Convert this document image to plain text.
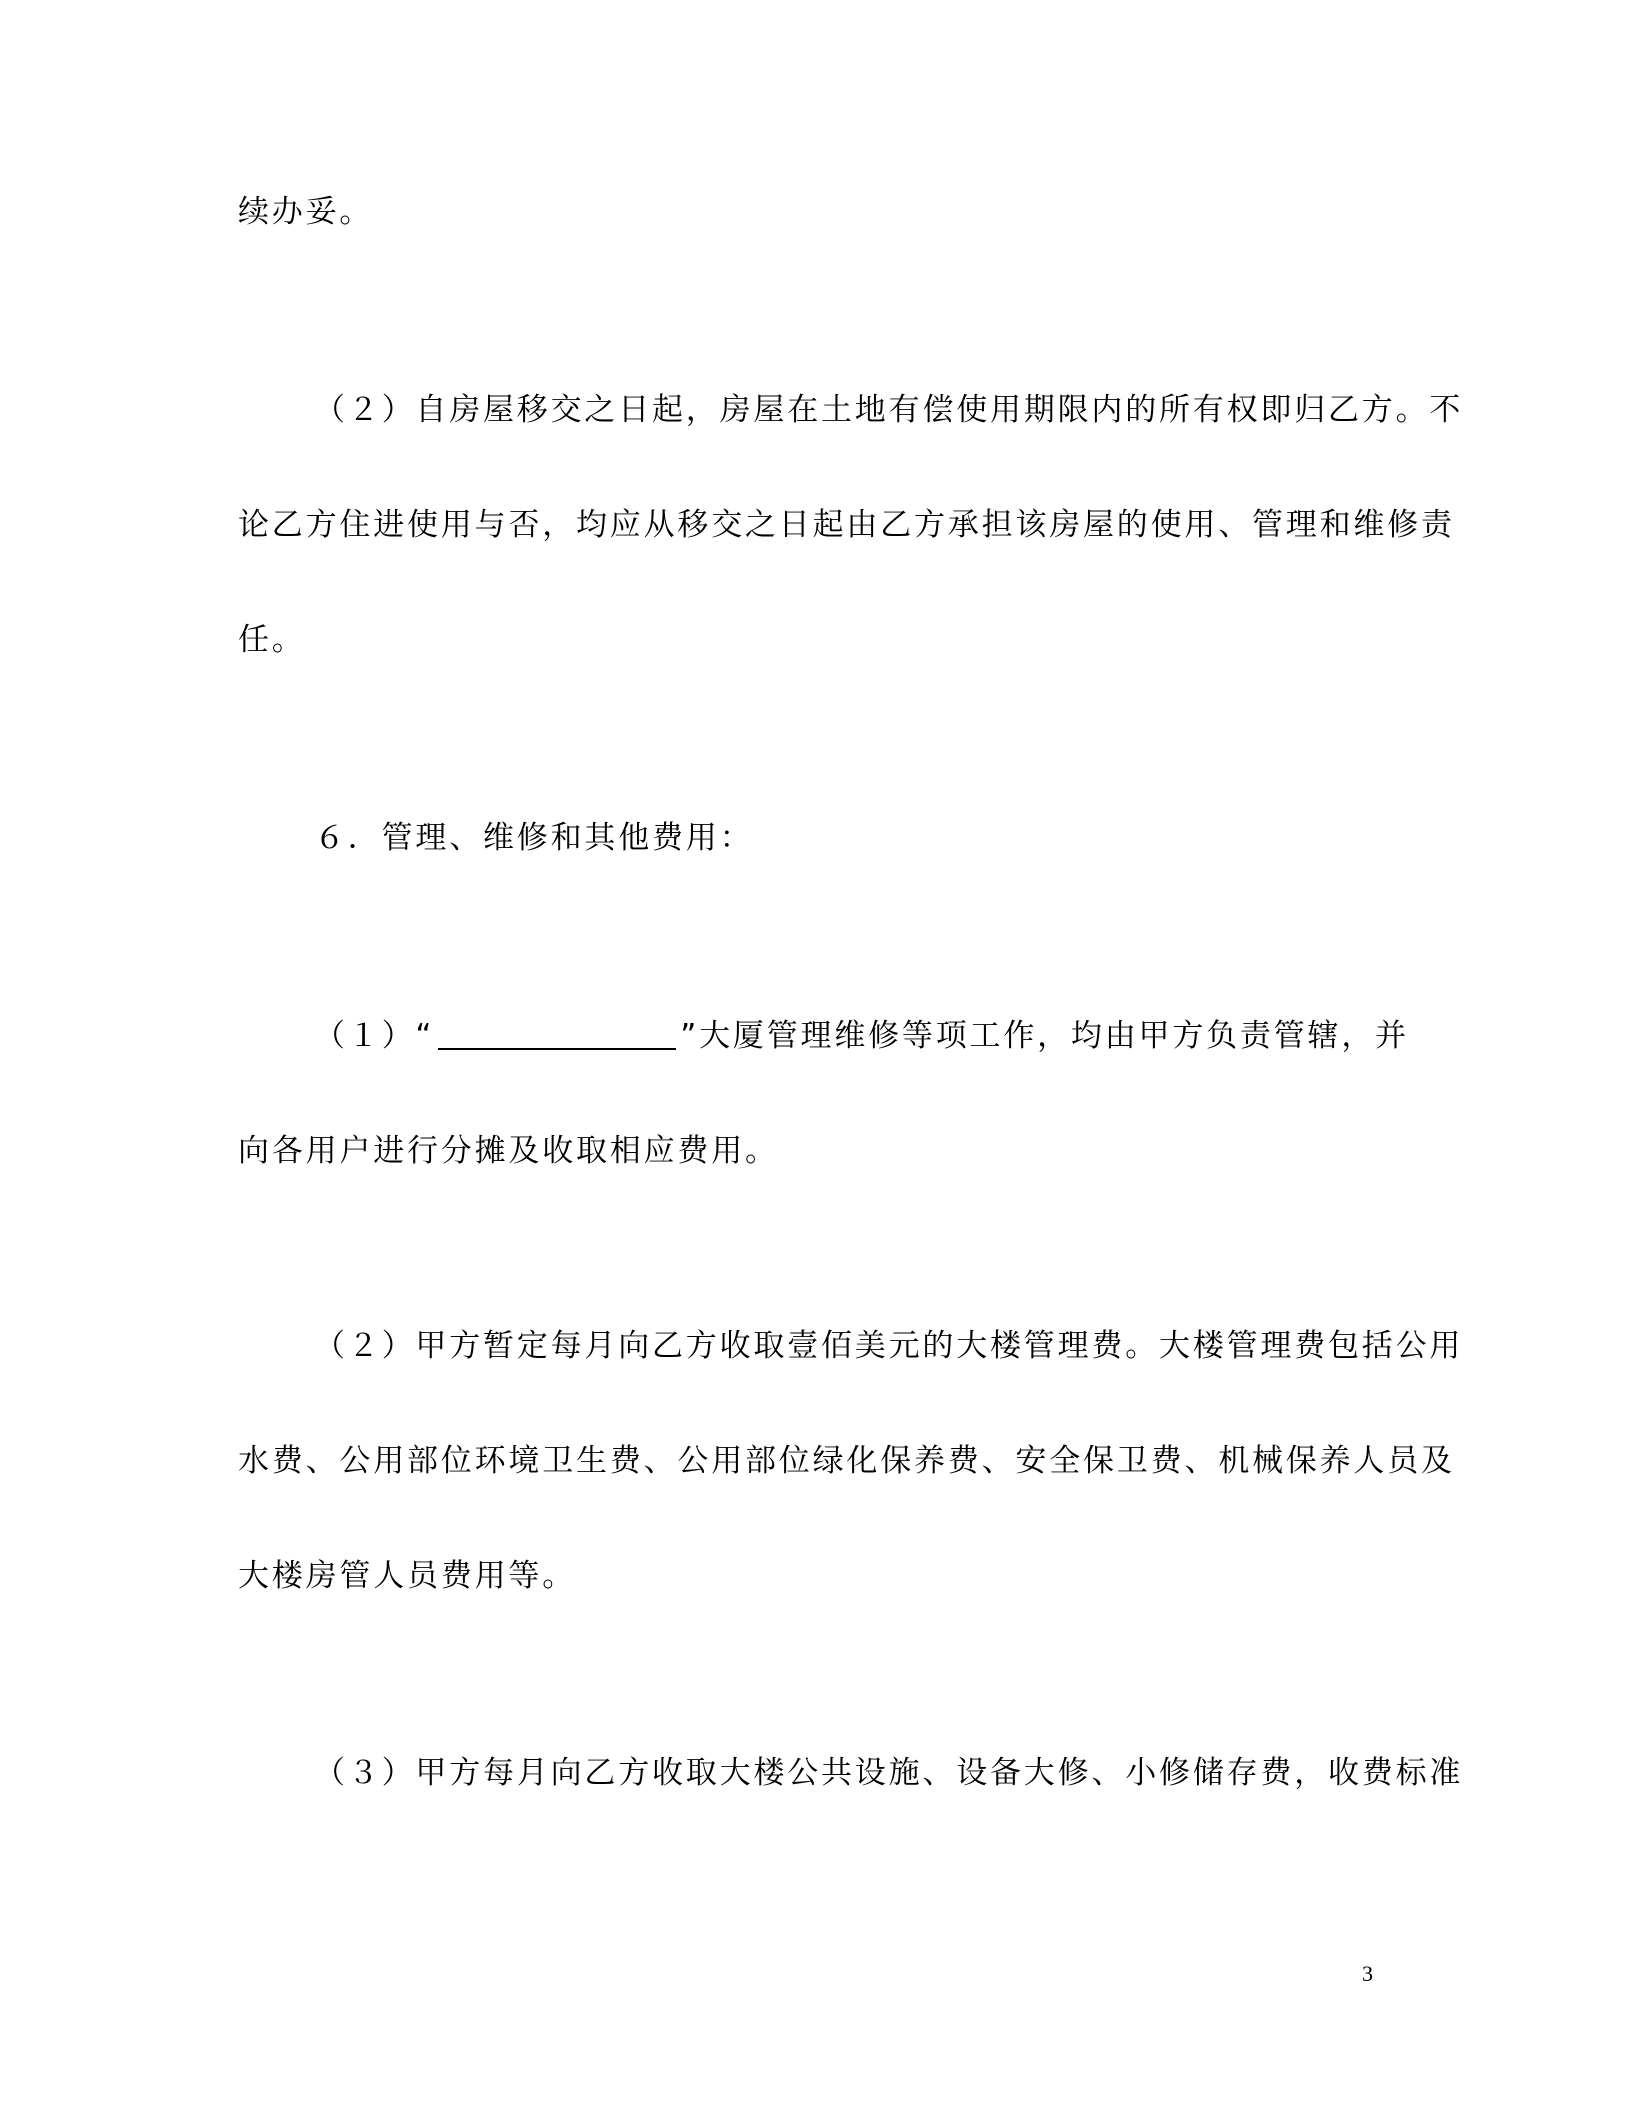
续办妥。
（２）自房屋移交之日起，房屋在土地有偿使用期限内的所有权即归乙方。不
论乙方住进使用与否，均应从移交之日起由乙方承担该房屋的使用、管理和维修责
任。
６．管理、维修和其他费用：
（１）“	”大厦管理维修等项工作，均由甲方负责管辖，并
向各用户进行分摊及收取相应费用。
（２）甲方暂定每月向乙方收取壹佰美元的大楼管理费。大楼管理费包括公用
水费、公用部位环境卫生费、公用部位绿化保养费、安全保卫费、机械保养人员及
大楼房管人员费用等。
（３）甲方每月向乙方收取大楼公共设施、设备大修、小修储存费，收费标准
3
